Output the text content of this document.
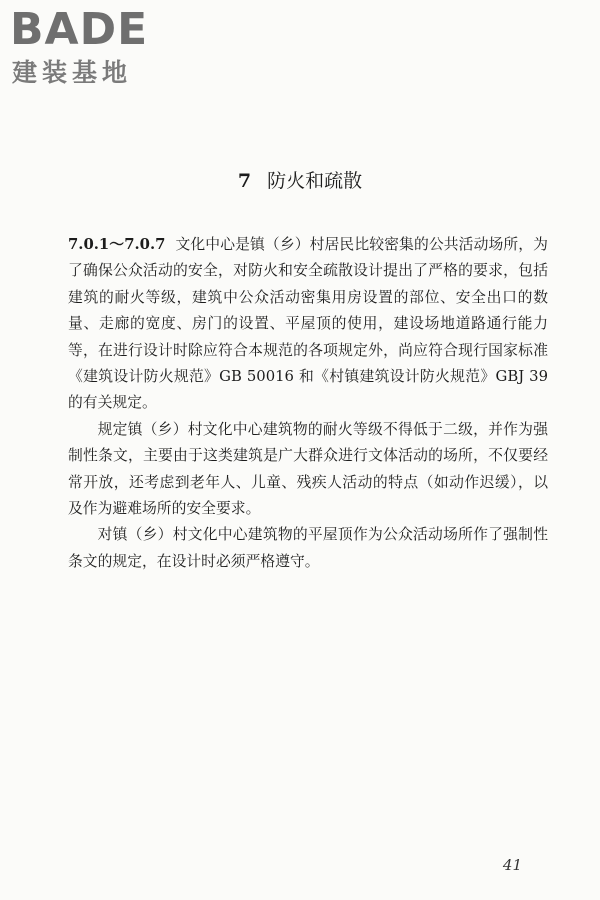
BADE
建装基地
7 防火和疏散

7.0.1～7.0.7 文化中心是镇（乡）村居民比较密集的公共活动场所，为了确保公众活动的安全，对防火和安全疏散设计提出了严格的要求，包括建筑的耐火等级，建筑中公众活动密集用房设置的部位、安全出口的数量、走廊的宽度、房门的设置、平屋顶的使用，建设场地道路通行能力等，在进行设计时除应符合本规范的各项规定外，尚应符合现行国家标准《建筑设计防火规范》GB 50016 和《村镇建筑设计防火规范》GBJ 39 的有关规定。

规定镇（乡）村文化中心建筑物的耐火等级不得低于二级，并作为强制性条文，主要由于这类建筑是广大群众进行文体活动的场所，不仅要经常开放，还考虑到老年人、儿童、残疾人活动的特点（如动作迟缓），以及作为避难场所的安全要求。

对镇（乡）村文化中心建筑物的平屋顶作为公众活动场所作了强制性条文的规定，在设计时必须严格遵守。

41
